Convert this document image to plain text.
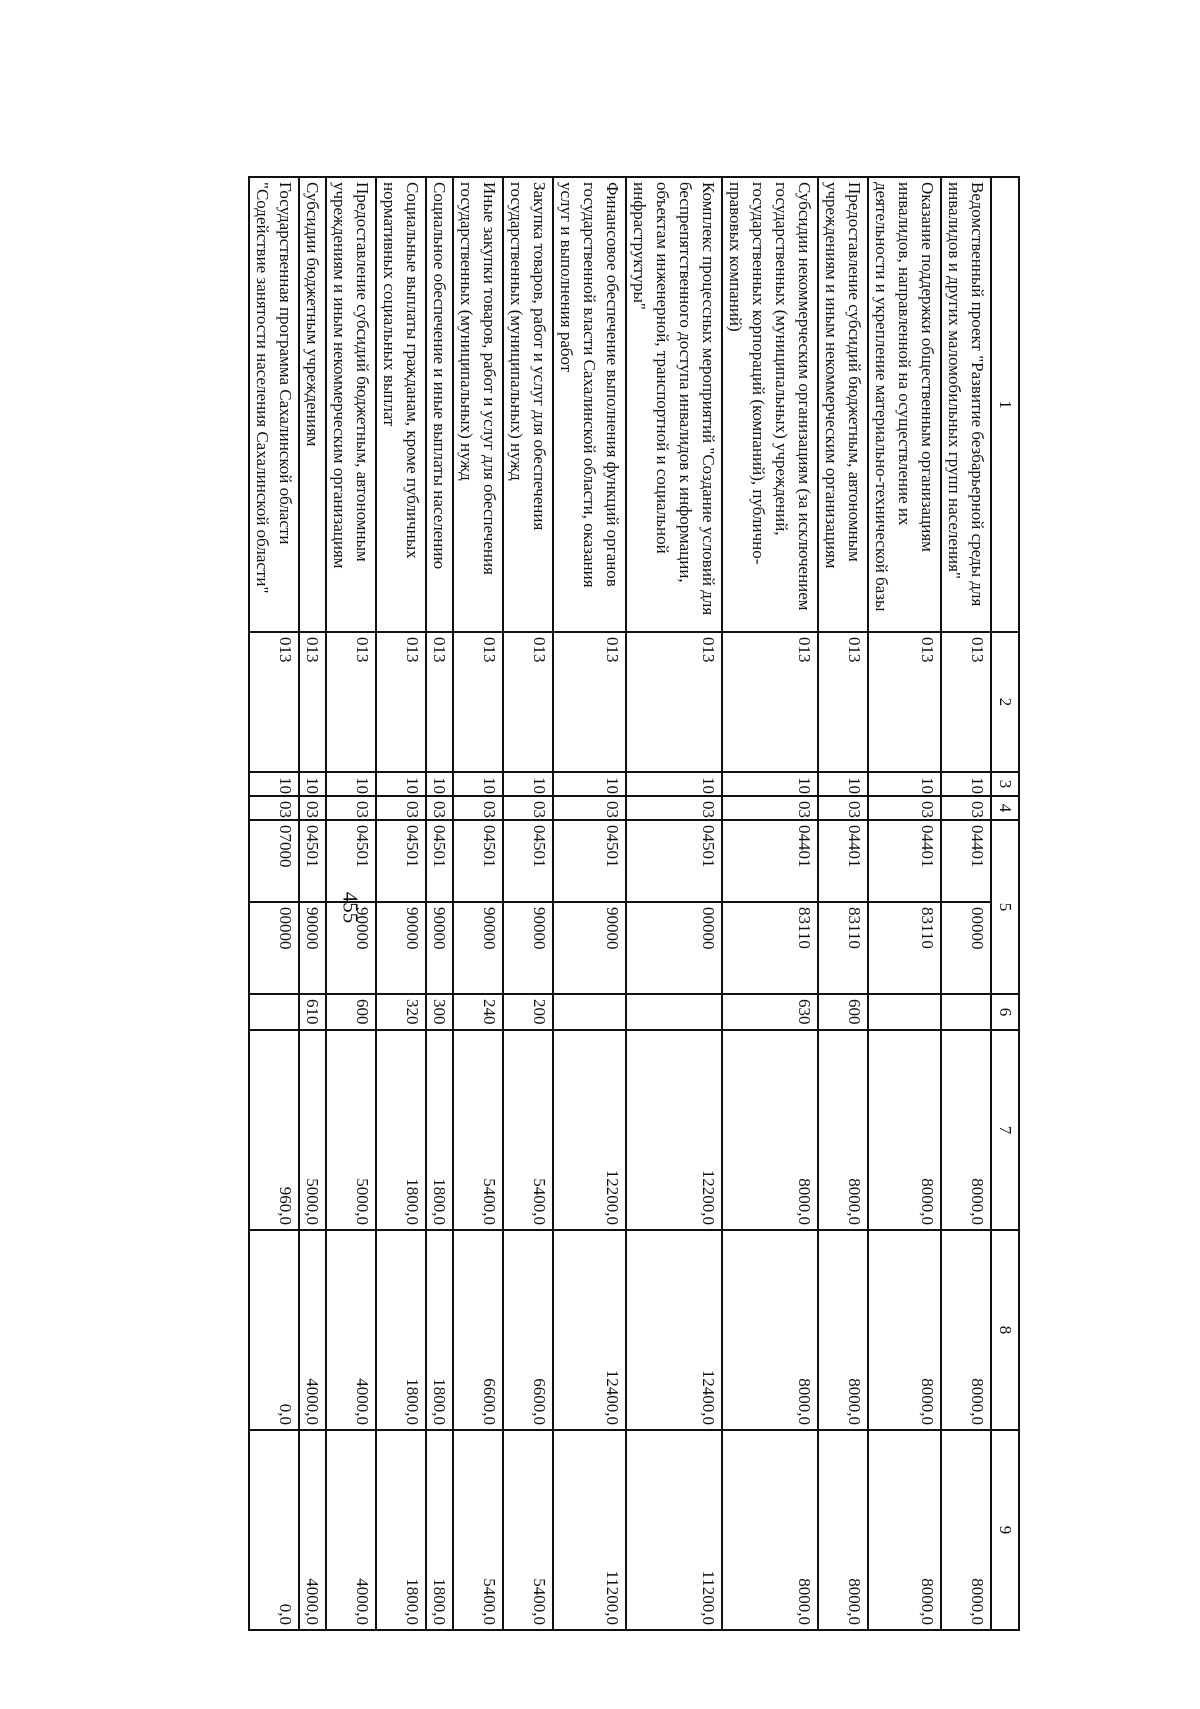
455
1	2	3	4	5		6	7	8	9
Ведомственный проект "Развитие безбарьерной среды для инвалидов и других маломобильных групп населения"	013	10	03	04401	00000		8000,0	8000,0	8000,0
Оказание поддержки общественным организациям инвалидов, направленной на осуществление их деятельности и укрепление материально-технической базы	013	10	03	04401	83110		8000,0	8000,0	8000,0
Предоставление субсидий бюджетным, автономным учреждениям и иным некоммерческим организациям	013	10	03	04401	83110	600	8000,0	8000,0	8000,0
Субсидии некоммерческим организациям (за исключением государственных (муниципальных) учреждений, государственных корпораций (компаний), публично-правовых компаний)	013	10	03	04401	83110	630	8000,0	8000,0	8000,0
Комплекс процессных мероприятий "Создание условий для беспрепятственного доступа инвалидов к информации, объектам инженерной, транспортной и социальной инфраструктуры"	013	10	03	04501	00000		12200,0	12400,0	11200,0
Финансовое обеспечение выполнения функций органов государственной власти Сахалинской области, оказания услуг и выполнения работ	013	10	03	04501	90000		12200,0	12400,0	11200,0
Закупка товаров, работ и услуг для обеспечения государственных (муниципальных) нужд	013	10	03	04501	90000	200	5400,0	6600,0	5400,0
Иные закупки товаров, работ и услуг для обеспечения государственных (муниципальных) нужд	013	10	03	04501	90000	240	5400,0	6600,0	5400,0
Социальное обеспечение и иные выплаты населению	013	10	03	04501	90000	300	1800,0	1800,0	1800,0
Социальные выплаты гражданам, кроме публичных нормативных социальных выплат	013	10	03	04501	90000	320	1800,0	1800,0	1800,0
Предоставление субсидий бюджетным, автономным учреждениям и иным некоммерческим организациям	013	10	03	04501	90000	600	5000,0	4000,0	4000,0
Субсидии бюджетным учреждениям	013	10	03	04501	90000	610	5000,0	4000,0	4000,0
Государственная программа Сахалинской области "Содействие занятости населения Сахалинской области"	013	10	03	07000	00000		960,0	0,0	0,0
